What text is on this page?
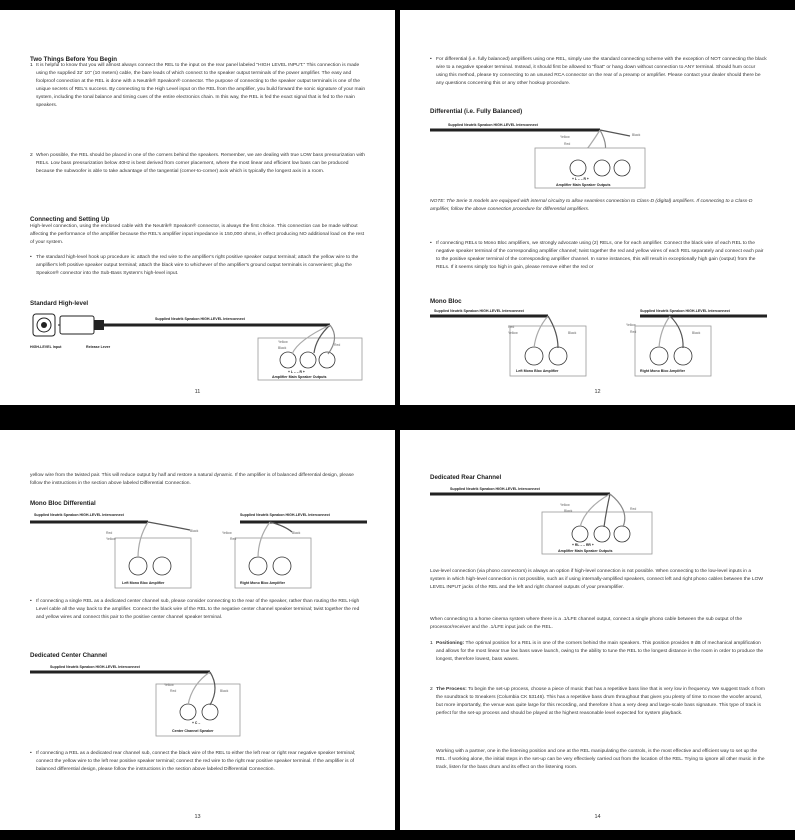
Two Things Before You Begin
1 It is helpful to know that you will almost always connect the REL to the input on the rear panel labeled "HIGH LEVEL INPUT." This connection is made using the supplied 32' 10" (10 meters) cable, the bare leads of which connect to the speaker output terminals of the power amplifier. The easy and foolproof connection at the REL is done with a Neutrik® Speakon® connector. The purpose of connecting to the speaker output terminals is one of the unique secrets of REL's success. By connecting to the High Level input on the REL from the amplifier, you build forward the sonic signature of your main system, including the tonal balance and timing cues of the entire electronics chain. In this way, the REL is fed the exact signal that is fed to the main speakers.

2 When possible, the REL should be placed in one of the corners behind the speakers. Remember, we are dealing with true LOW bass pressurization with RELs. Low bass pressurization below 40Hz is best derived from corner placement, where the most linear and efficient low bass can be produced because the subwoofer is able to take advantage of the tangential (corner-to-corner) axis which is typically the longest axis in a room.

Connecting and Setting Up

High-level connection, using the enclosed cable with the Neutrik® Speakon® connector, is always the first choice. This connection can be made without affecting the performance of the amplifier because the REL's amplifier input impedance is 150,000 ohms, in effect producing NO additional load on the rest of your system.

• The standard high-level hook up procedure is: attach the red wire to the amplifier's right positive speaker output terminal; attach the yellow wire to the amplifier's left positive speaker output terminal; attach the black wire to whichever of the amplifier's ground output terminals is convenient; plug the Speakon® connector into the Sub-Bass System's high-level input.

Standard High-level
Supplied Neutrik Speakon HIGH-LEVEL Interconnect
Yellow
Black
Red
+ L – – R +
Amplifier Main Speaker Outputs
HIGH-LEVEL Input	Release Lever
11
• For differential (i.e. fully balanced) amplifiers using one REL, simply use the standard connecting scheme with the exception of NOT connecting the black wire to a negative speaker terminal. Instead, it should first be allowed to "float" or hang down without connection to ANY terminal. Should hum occur using this method, please try connecting to an unused RCA connector on the rear of a preamp or amplifier. Please contact your dealer should there be any questions concerning this or any other hookup procedure.

Differential (i.e. Fully Balanced)
Supplied Neutrik Speakon HIGH-LEVEL Interconnect
Yellow
Red
Black
+ L – – R +
Amplifier Main Speaker Outputs

NOTE: The Serie S models are equipped with internal circuitry to allow seamless connection to Class-D (digital) amplifiers. If connecting to a Class-D amplifier, follow the above connection procedure for differential amplifiers.

• If connecting RELs to Mono Bloc amplifiers, we strongly advocate using (2) RELs, one for each amplifier. Connect the black wire of each REL to the negative speaker terminal of the corresponding amplifier channel; twist together the red and yellow wires of each REL separately and connect each pair to the positive speaker terminal of the corresponding amplifier channel. In some instances, this will result in exceptionally high gain (output) from the RELs. If it seems simply too high in gain, please remove either the red or

Mono Bloc
Supplied Neutrik Speakon HIGH-LEVEL Interconnect	Supplied Neutrik Speakon HIGH-LEVEL Interconnect
Red
Yellow	Black
Left Mono Bloc Amplifier
Yellow
Red	Black
Right Mono Bloc Amplifier
12

yellow wire from the twisted pair. This will reduce output by half and restore a natural dynamic. If the amplifier is of balanced differential design, please follow the instructions in the section above labeled Differential Connection.

Mono Bloc Differential
Supplied Neutrik Speakon HIGH-LEVEL Interconnect	Supplied Neutrik Speakon HIGH-LEVEL Interconnect
Red
Yellow
Black
Left Mono Bloc Amplifier
Yellow
Red
Black
Right Mono Bloc Amplifier
• If connecting a single REL as a dedicated center channel sub, please consider connecting to the rear of the speaker, rather than routing the REL High Level cable all the way back to the amplifier. Connect the black wire of the REL to the negative center channel speaker terminal; twist together the red and yellow wires and connect this pair to the positive center channel speaker terminal.

Dedicated Center Channel
Supplied Neutrik Speakon HIGH-LEVEL Interconnect
Yellow
Red	Black
+ C –
Center Channel Speaker
• If connecting a REL as a dedicated rear channel sub, connect the black wire of the REL to either the left rear or right rear negative speaker terminal; connect the yellow wire to the left rear positive speaker terminal; connect the red wire to the right rear positive speaker terminal. If the amplifier is of balanced differential design, please follow the instructions in the section above labeled Differential Connection.

13
Dedicated Rear Channel
Supplied Neutrik Speakon HIGH-LEVEL Interconnect
Yellow
Black	Red
+ RL – – RR +
Amplifier Main Speaker Outputs

Low-level connection (via phono connectors) is always an option if high-level connection is not possible. When connecting to the low-level inputs in a system in which high-level connection is not possible, such as if using internally-amplified speakers, connect left and right phono cables between the LOW LEVEL INPUT jacks of the REL and the left and right channel outputs of your preamplifier.

When connecting to a home cinema system where there is a .1/LFE channel output, connect a single phono cable between the sub output of the processor/receiver and the .1/LFE input jack on the REL.

1 Positioning: The optimal position for a REL is in one of the corners behind the main speakers. This position provides 9 dB of mechanical amplification and allows for the most linear true low bass wave launch, owing to the ability to tune the REL to the longest distance in the room in order to produce the longest, therefore lowest, bass waves.

2 The Process: To begin the set-up process, choose a piece of music that has a repetitive bass line that is very low in frequency. We suggest track 4 from the soundtrack to Sneakers (Columbia CK 53146). This has a repetitive bass drum throughout that gives you plenty of time to move the woofer around, but more importantly, the venue was quite large for this recording, and therefore it has a very deep and large-scale bass signature. This type of track is perfect for the set-up process and should be played at the highest reasonable level expected for system playback.

Working with a partner, one in the listening position and one at the REL manipulating the controls, is the most effective and efficient way to set up the REL. If working alone, the initial steps in the set-up can be very effectively carried out from the location of the REL. Trying to ignore all other music in the track, listen for the bass drum and its effect on the listening room.

14
